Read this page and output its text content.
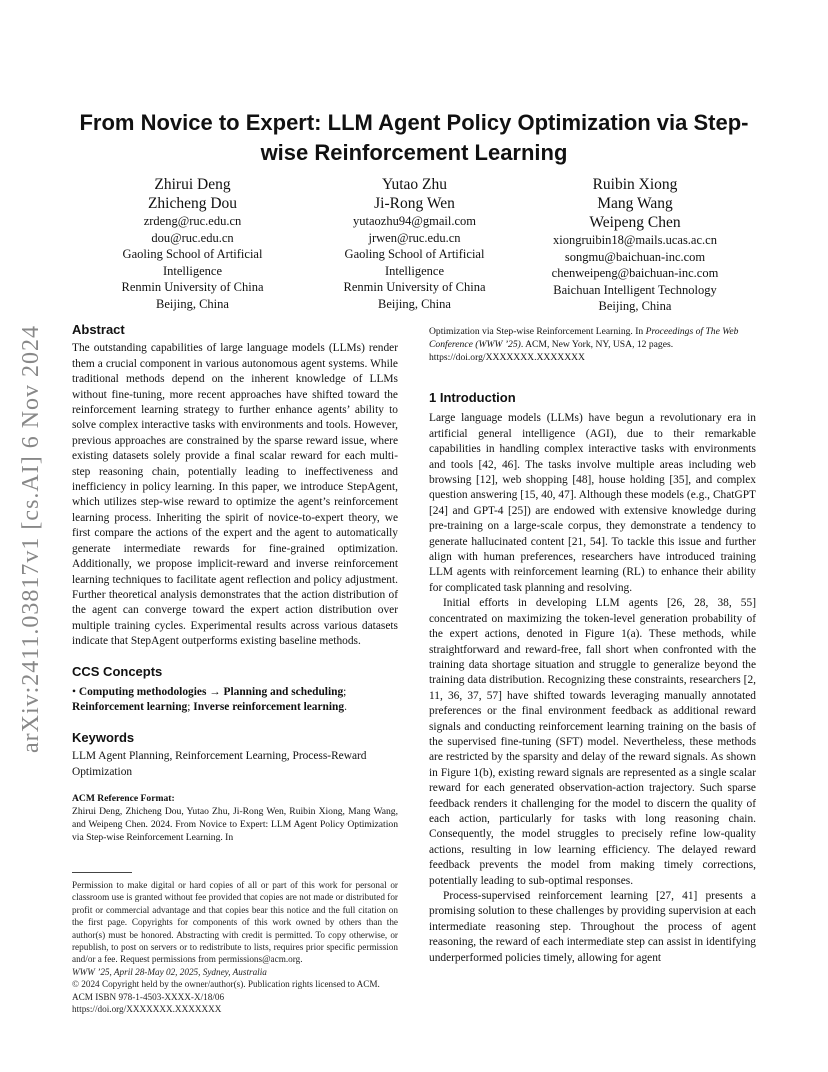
From Novice to Expert: LLM Agent Policy Optimization via Step-wise Reinforcement Learning
arXiv:2411.03817v1 [cs.AI] 6 Nov 2024
Zhirui Deng
Zhicheng Dou
zrdeng@ruc.edu.cn
dou@ruc.edu.cn
Gaoling School of Artificial
Intelligence
Renmin University of China
Beijing, China
Yutao Zhu
Ji-Rong Wen
yutaozhu94@gmail.com
jrwen@ruc.edu.cn
Gaoling School of Artificial
Intelligence
Renmin University of China
Beijing, China
Ruibin Xiong
Mang Wang
Weipeng Chen
xiongruibin18@mails.ucas.ac.cn
songmu@baichuan-inc.com
chenweipeng@baichuan-inc.com
Baichuan Intelligent Technology
Beijing, China
Abstract

The outstanding capabilities of large language models (LLMs) render them a crucial component in various autonomous agent systems. While traditional methods depend on the inherent knowledge of LLMs without fine-tuning, more recent approaches have shifted toward the reinforcement learning strategy to further enhance agents’ ability to solve complex interactive tasks with environments and tools. However, previous approaches are constrained by the sparse reward issue, where existing datasets solely provide a final scalar reward for each multi-step reasoning chain, potentially leading to ineffectiveness and inefficiency in policy learning. In this paper, we introduce StepAgent, which utilizes step-wise reward to optimize the agent’s reinforcement learning process. Inheriting the spirit of novice-to-expert theory, we first compare the actions of the expert and the agent to automatically generate intermediate rewards for fine-grained optimization. Additionally, we propose implicit-reward and inverse reinforcement learning techniques to facilitate agent reflection and policy adjustment. Further theoretical analysis demonstrates that the action distribution of the agent can converge toward the expert action distribution over multiple training cycles. Experimental results across various datasets indicate that StepAgent outperforms existing baseline methods.

CCS Concepts

• Computing methodologies → Planning and scheduling; Reinforcement learning; Inverse reinforcement learning.

Keywords

LLM Agent Planning, Reinforcement Learning, Process-Reward Optimization

ACM Reference Format:

Zhirui Deng, Zhicheng Dou, Yutao Zhu, Ji-Rong Wen, Ruibin Xiong, Mang Wang, and Weipeng Chen. 2024. From Novice to Expert: LLM Agent Policy Optimization via Step-wise Reinforcement Learning. In

Permission to make digital or hard copies of all or part of this work for personal or classroom use is granted without fee provided that copies are not made or distributed for profit or commercial advantage and that copies bear this notice and the full citation on the first page. Copyrights for components of this work owned by others than the author(s) must be honored. Abstracting with credit is permitted. To copy otherwise, or republish, to post on servers or to redistribute to lists, requires prior specific permission and/or a fee. Request permissions from permissions@acm.org.
WWW ’25, April 28-May 02, 2025, Sydney, Australia
© 2024 Copyright held by the owner/author(s). Publication rights licensed to ACM.
ACM ISBN 978-1-4503-XXXX-X/18/06
https://doi.org/XXXXXXX.XXXXXXX

Optimization via Step-wise Reinforcement Learning. In Proceedings of The Web Conference (WWW ’25). ACM, New York, NY, USA, 12 pages. https://doi.org/XXXXXXX.XXXXXXX

1 Introduction

Large language models (LLMs) have begun a revolutionary era in artificial general intelligence (AGI), due to their remarkable capabilities in handling complex interactive tasks with environments and tools [42, 46]. The tasks involve multiple areas including web browsing [12], web shopping [48], house holding [35], and complex question answering [15, 40, 47]. Although these models (e.g., ChatGPT [24] and GPT-4 [25]) are endowed with extensive knowledge during pre-training on a large-scale corpus, they demonstrate a tendency to generate hallucinated content [21, 54]. To tackle this issue and further align with human preferences, researchers have introduced training LLM agents with reinforcement learning (RL) to enhance their ability for complicated task planning and resolving.

Initial efforts in developing LLM agents [26, 28, 38, 55] concentrated on maximizing the token-level generation probability of the expert actions, denoted in Figure 1(a). These methods, while straightforward and reward-free, fall short when confronted with the training data shortage situation and struggle to generalize beyond the training data distribution. Recognizing these constraints, researchers [2, 11, 36, 37, 57] have shifted towards leveraging manually annotated preferences or the final environment feedback as additional reward signals and conducting reinforcement learning training on the basis of the supervised fine-tuning (SFT) model. Nevertheless, these methods are restricted by the sparsity and delay of the reward signals. As shown in Figure 1(b), existing reward signals are represented as a single scalar reward for each generated observation-action trajectory. Such sparse feedback renders it challenging for the model to discern the quality of each action, particularly for tasks with long reasoning chain. Consequently, the model struggles to precisely refine low-quality actions, resulting in low learning efficiency. The delayed reward feedback prevents the model from making timely corrections, potentially leading to sub-optimal responses.

Process-supervised reinforcement learning [27, 41] presents a promising solution to these challenges by providing supervision at each intermediate reasoning step. Throughout the process of agent reasoning, the reward of each intermediate step can assist in identifying underperformed policies timely, allowing for agent
